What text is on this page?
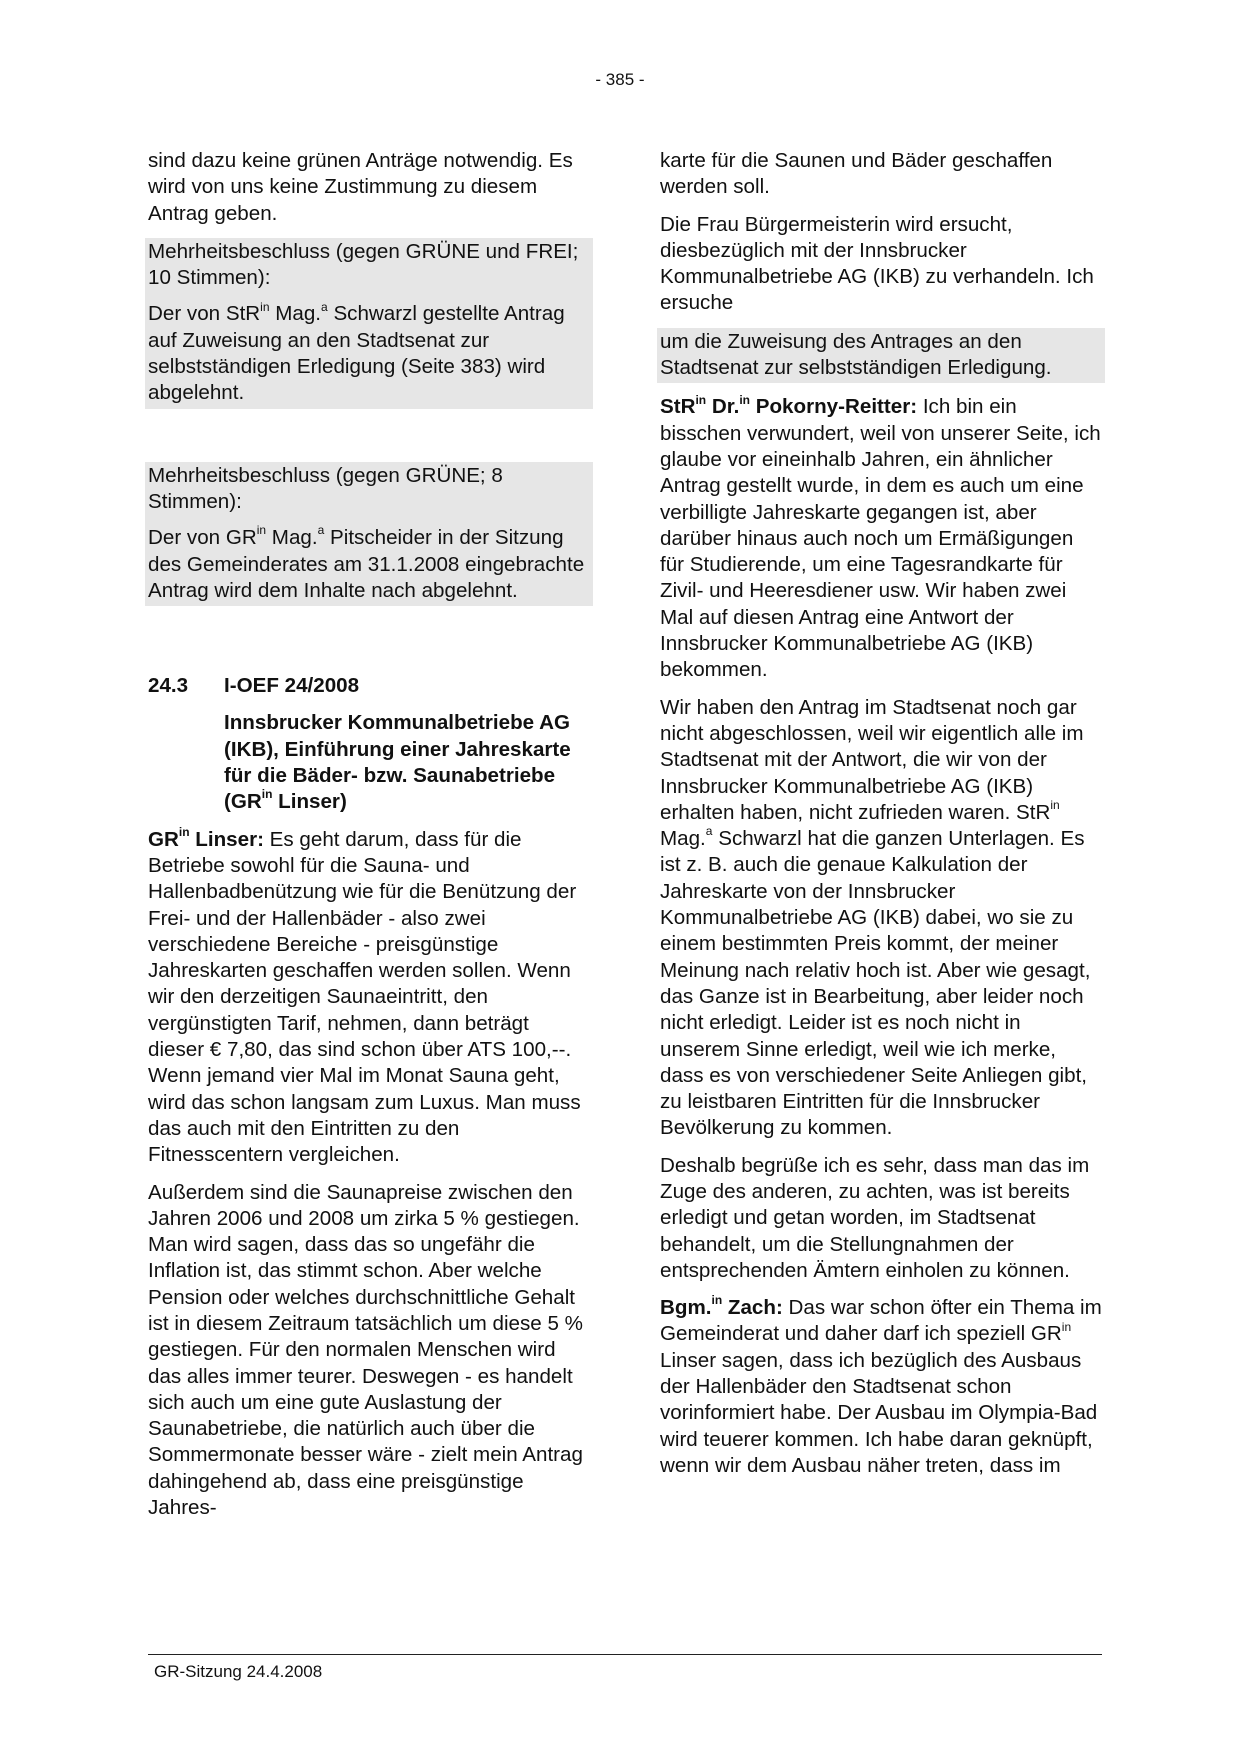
- 385 -

sind dazu keine grünen Anträge notwendig. Es wird von uns keine Zustimmung zu diesem Antrag geben.

Mehrheitsbeschluss (gegen GRÜNE und FREI; 10 Stimmen):

Der von StR$^{in}$ Mag.$^a$ Schwarzl gestellte Antrag auf Zuweisung an den Stadtsenat zur selbstständigen Erledigung (Seite 383) wird abgelehnt.

Mehrheitsbeschluss (gegen GRÜNE; 8 Stimmen):

Der von $GR^{in}$ Mag.$^a$ Pitscheider in der Sitzung des Gemeinderates am 31.1.2008 eingebrachte Antrag wird dem Inhalte nach abgelehnt.

24.3 I-OEF 24/2008
Innsbrucker Kommunalbetriebe AG (IKB), Einführung einer Jahreskarte für die Bäder- bzw. Saunabetriebe ($GR^{in}$ Linser)

$GR^{in}$ Linser: Es geht darum, dass für die Betriebe sowohl für die Sauna- und Hallenbadbenützung wie für die Benützung der Frei- und der Hallenbäder - also zwei verschiedene Bereiche - preisgünstige Jahreskarten geschaffen werden sollen. Wenn wir den derzeitigen Saunaeintritt, den vergünstigten Tarif, nehmen, dann beträgt dieser € 7,80, das sind schon über ATS 100,--. Wenn jemand vier Mal im Monat Sauna geht, wird das schon langsam zum Luxus. Man muss das auch mit den Eintritten zu den Fitnesscentern vergleichen.

Außerdem sind die Saunapreise zwischen den Jahren 2006 und 2008 um zirka 5 % gestiegen. Man wird sagen, dass das so ungefähr die Inflation ist, das stimmt schon. Aber welche Pension oder welches durchschnittliche Gehalt ist in diesem Zeitraum tatsächlich um diese 5 % gestiegen. Für den normalen Menschen wird das alles immer teurer. Deswegen - es handelt sich auch um eine gute Auslastung der Saunabetriebe, die natürlich auch über die Sommermonate besser wäre - zielt mein Antrag dahingehend ab, dass eine preisgünstige Jahres-

karte für die Saunen und Bäder geschaffen werden soll.

Die Frau Bürgermeisterin wird ersucht, diesbezüglich mit der Innsbrucker Kommunalbetriebe AG (IKB) zu verhandeln. Ich ersuche

um die Zuweisung des Antrages an den Stadtsenat zur selbstständigen Erledigung.

StR$^{in}$ Dr.$^{in}$ Pokorny-Reitter: Ich bin ein bisschen verwundert, weil von unserer Seite, ich glaube vor eineinhalb Jahren, ein ähnlicher Antrag gestellt wurde, in dem es auch um eine verbilligte Jahreskarte gegangen ist, aber darüber hinaus auch noch um Ermäßigungen für Studierende, um eine Tagesrandkarte für Zivil- und Heeresdiener usw. Wir haben zwei Mal auf diesen Antrag eine Antwort der Innsbrucker Kommunalbetriebe AG (IKB) bekommen.

Wir haben den Antrag im Stadtsenat noch gar nicht abgeschlossen, weil wir eigentlich alle im Stadtsenat mit der Antwort, die wir von der Innsbrucker Kommunalbetriebe AG (IKB) erhalten haben, nicht zufrieden waren. StR$^{in}$ Mag.$^a$ Schwarzl hat die ganzen Unterlagen. Es ist z. B. auch die genaue Kalkulation der Jahreskarte von der Innsbrucker Kommunalbetriebe AG (IKB) dabei, wo sie zu einem bestimmten Preis kommt, der meiner Meinung nach relativ hoch ist. Aber wie gesagt, das Ganze ist in Bearbeitung, aber leider noch nicht erledigt. Leider ist es noch nicht in unserem Sinne erledigt, weil wie ich merke, dass es von verschiedener Seite Anliegen gibt, zu leistbaren Eintritten für die Innsbrucker Bevölkerung zu kommen.

Deshalb begrüße ich es sehr, dass man das im Zuge des anderen, zu achten, was ist bereits erledigt und getan worden, im Stadtsenat behandelt, um die Stellungnahmen der entsprechenden Ämtern einholen zu können.

Bgm.$^{in}$ Zach: Das war schon öfter ein Thema im Gemeinderat und daher darf ich speziell $GR^{in}$ Linser sagen, dass ich bezüglich des Ausbaus der Hallenbäder den Stadtsenat schon vorinformiert habe. Der Ausbau im Olympia-Bad wird teuerer kommen. Ich habe daran geknüpft, wenn wir dem Ausbau näher treten, dass im

GR-Sitzung 24.4.2008
